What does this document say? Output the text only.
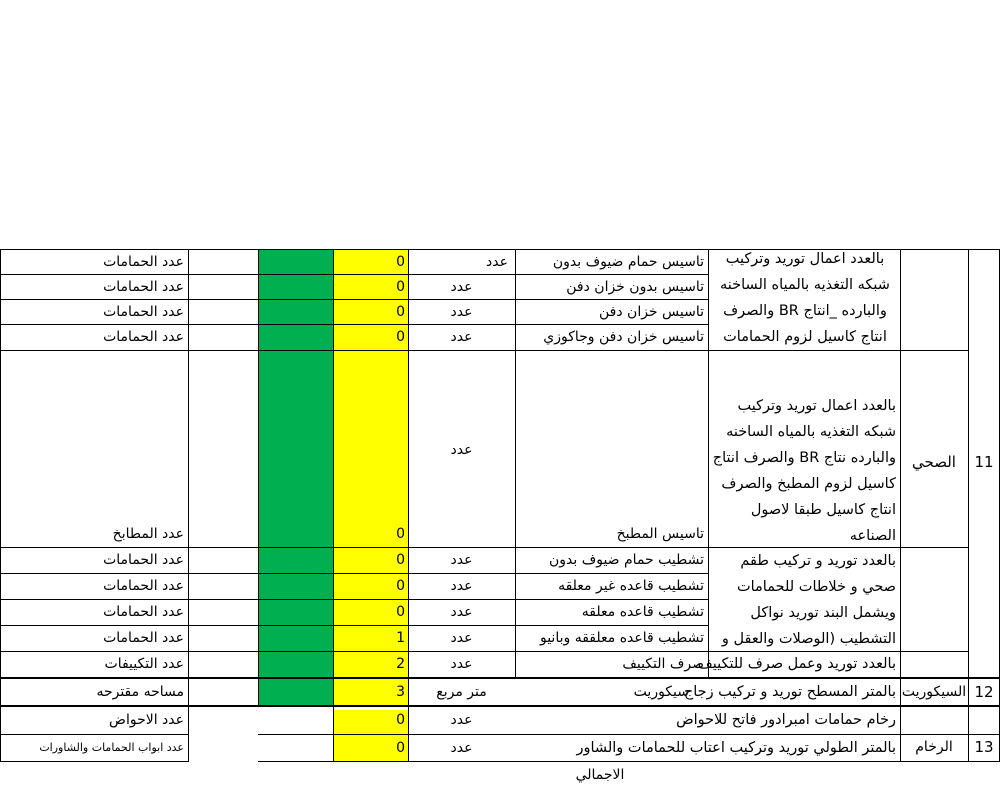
عدد الحمامات
عدد الحمامات
عدد الحمامات
عدد الحمامات
عدد المطابخ
عدد الحمامات
عدد الحمامات
عدد الحمامات
عدد الحمامات
عدد التكييفات
مساحه مقترحه
عدد الاحواض
عدد ابواب الحمامات والشاورات
0
0
0
0
0
0
0
0
1
2
3
0
0
عدد
عدد
عدد
عدد
عدد
عدد
عدد
عدد
عدد
عدد
متر مربع
عدد
عدد
تاسيس حمام ضيوف بدون
تاسيس بدون خزان دفن
تاسيس خزان دفن
تاسيس خزان دفن وجاكوزي
تاسيس المطبخ
تشطيب حمام ضيوف بدون
تشطيب قاعده غير معلقه
تشطيب قاعده معلقه
تشطيب قاعده معلققه وبانيو
صرف التكييف
بالعدد اعمال توريد وتركيب شبكه التغذيه بالمياه الساخنه والبارده _انتاج BR والصرف انتاج كاسيل لزوم الحمامات
بالعدد اعمال توريد وتركيب شبكه التغذيه بالمياه الساخنه والبارده نتاج BR والصرف انتاج كاسيل لزوم المطبخ والصرف انتاج كاسيل طبقا لاصول الصناعه
بالعدد توريد و تركيب طقم صحي و خلاطات للحمامات ويشمل البند توريد نواكل التشطيب (الوصلات والعقل و
بالعدد توريد وعمل صرف للتكييف
بالمتر المسطح توريد و تركيب زجاج
سيكوريت
رخام حمامات امبرادور فاتح للاحواض
بالمتر الطولي توريد وتركيب اعتاب للحمامات والشاور
الصحي	11
السيكوريت 12
الرخام	13
الاجمالي
